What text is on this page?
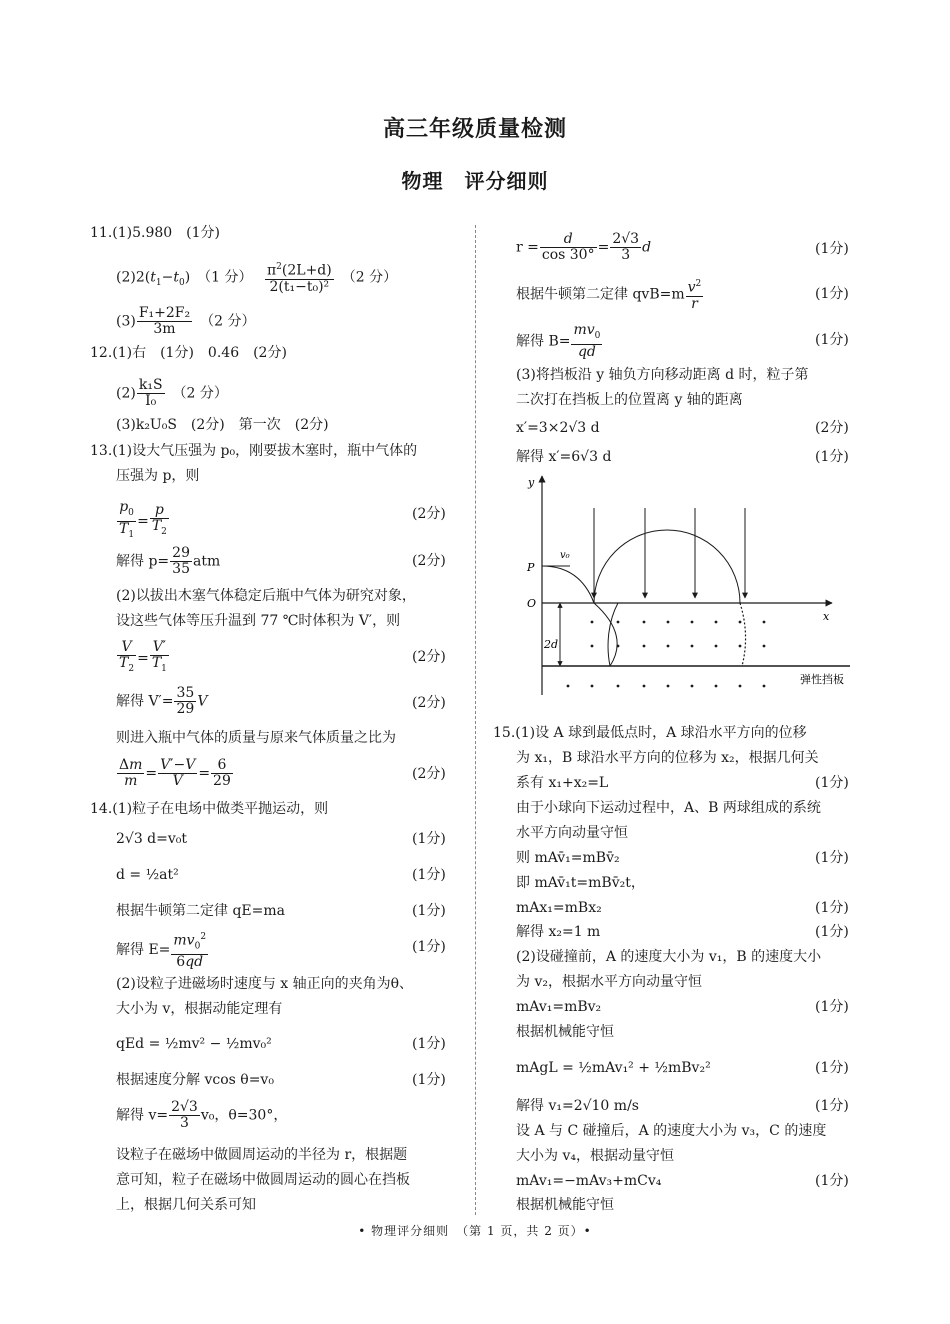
高三年级质量检测
物理　评分细则
11.(1)5.980　(1分)
$(2)2(t_1-t_0)$　（1 分）　 $\frac{\pi^2(2L+d)}{\text{2(t₁−t₀)²}}$
　 （2 分）
$(3) \frac{\text{F₁+2F₂}}{3m}$
　 （2 分）
12.(1)右　(1分)　0.46　(2分)
$(2) \frac{\text{k₁S}}{\text{I₀}}$
　 （2 分）
(3)k₂U₀S　(2分)　第一次　(2分)
13.(1)设大气压强为 p₀，刚要拔木塞时，瓶中气体的
压强为 p，则
$\frac{p_0}{T_1} = \frac{p}{T_2}$	(2分)
解得 $p= \frac{29}{35}$ atm	(2分)
(2)以拔出木塞气体稳定后瓶中气体为研究对象，
设这些气体等压升温到 77 ℃时体积为 V′，则
$\frac{V}{T_2} = \frac{V'}{T_1}$	(2分)
解得 $V'= \frac{35}{29}$ V	(2分)
则进入瓶中气体的质量与原来气体质量之比为
$\frac{\Delta m}{m} = \frac{V'-V}{V} = \frac{6}{29}$	(2分)
14.(1)粒子在电场中做类平抛运动，则
2√3 d=v₀t	(1分)
d = ½at²	(1分)
根据牛顿第二定律 qE=ma	(1分)
解得 $E= \frac{mv_0^2}{6qd}$	(1分)
(2)设粒子进磁场时速度与 x 轴正向的夹角为θ、
大小为 v，根据动能定理有
qEd = ½mv² − ½mv₀²	(1分)
根据速度分解 vcos θ=v₀	(1分)
解得 $v= \frac{2√3}{3} v_0$，θ=30°，
设粒子在磁场中做圆周运动的半径为 r，根据题
意可知，粒子在磁场中做圆周运动的圆心在挡板
上，根据几何关系可知
$r = \frac{d}{\cos 30^\circ} = \frac{2√3}{3}$ d	(1分)
根据牛顿第二定律 $qvB=m \frac{v^2}{r}$	(1分)
解得 $B= \frac{mv_0}{qd}$	(1分)
(3)将挡板沿 y 轴负方向移动距离 d 时，粒子第
二次打在挡板上的位置离 y 轴的距离
x′=3×2√3 d	(2分)
解得 x′=6√3 d	(1分)
y
x
O
P
v₀
弹性挡板
2d
15.(1)设 A 球到最低点时，A 球沿水平方向的位移
为 x₁，B 球沿水平方向的位移为 x₂，根据几何关
系有 x₁+x₂=L	(1分)
由于小球向下运动过程中，A、B 两球组成的系统
水平方向动量守恒
则 mAv̄₁=mBv̄₂	(1分)
即 mAv̄₁t=mBv̄₂t，
mAx₁=mBx₂	(1分)
解得 x₂=1 m	(1分)
(2)设碰撞前，A 的速度大小为 v₁，B 的速度大小
为 v₂，根据水平方向动量守恒
mAv₁=mBv₂	(1分)
根据机械能守恒
mAgL = ½mAv₁² + ½mBv₂²	(1分)
解得 v₁=2√10 m/s	(1分)
设 A 与 C 碰撞后，A 的速度大小为 v₃，C 的速度
大小为 v₄，根据动量守恒
mAv₁=−mAv₃+mCv₄	(1分)
根据机械能守恒
• 物理评分细则　（第 1 页，共 2 页）•
